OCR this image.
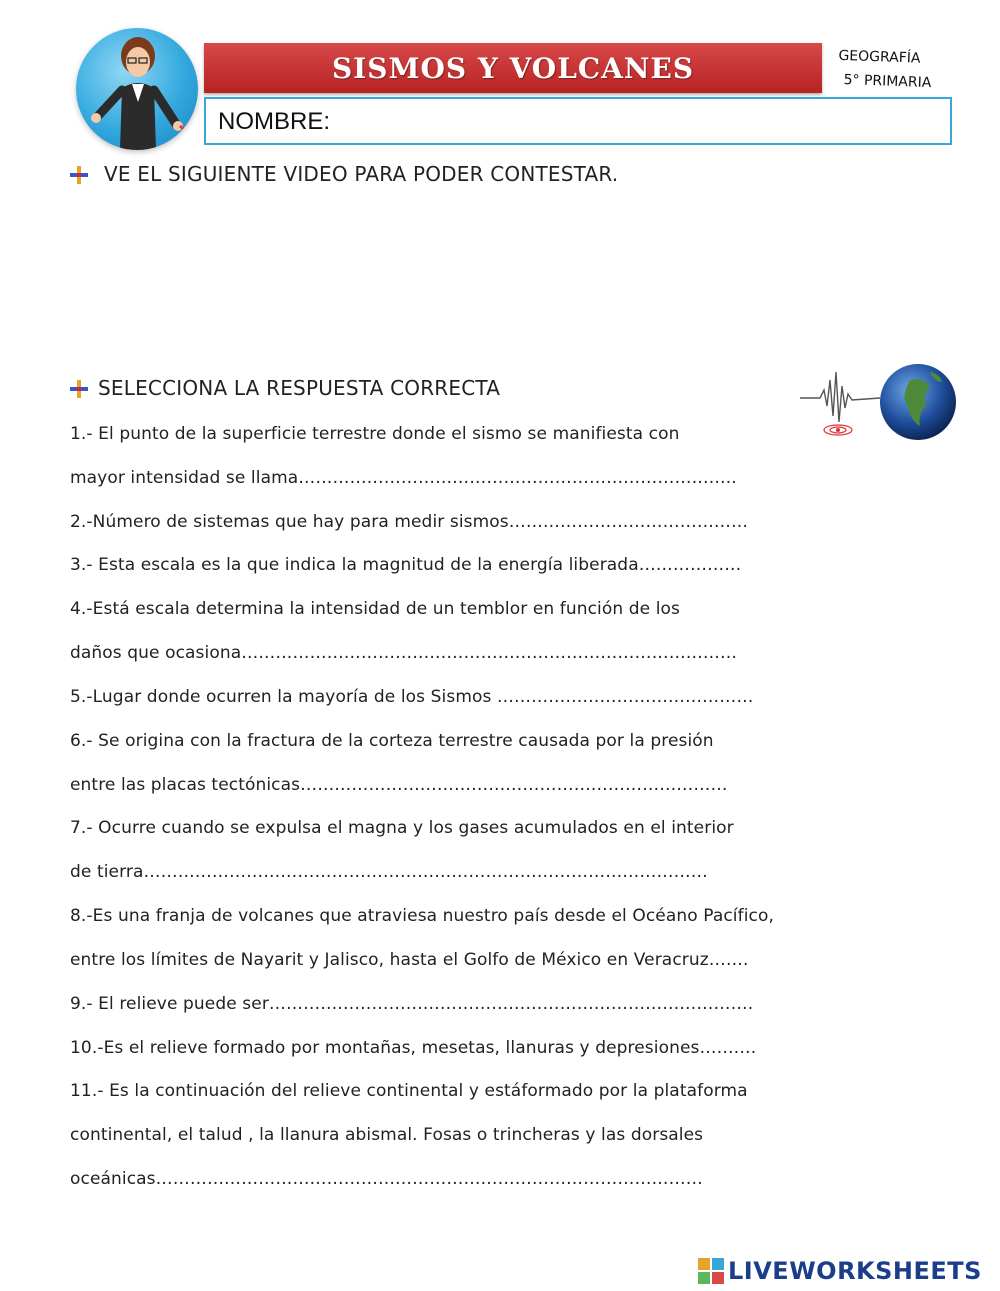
SISMOS Y VOLCANES	GEOGRAFÍA
5° PRIMARIA
NOMBRE:
VE EL SIGUIENTE VIDEO PARA PODER CONTESTAR.
SELECCIONA LA RESPUESTA CORRECTA
1.- El punto de la superficie terrestre donde el sismo se manifiesta con
mayor intensidad se llama…………………………………………………………………..
2.-Número de sistemas que hay para medir sismos……………………………………
3.- Esta escala es la que indica la magnitud de la energía liberada………………
4.-Está escala determina la intensidad de un temblor en función de los
daños que ocasiona……………………………………………………………………………
5.-Lugar donde ocurren la mayoría de los Sismos ………………………………………
6.- Se origina con la fractura de la corteza terrestre causada por la presión
entre las placas tectónicas…………………………………………………………………
7.- Ocurre cuando se expulsa el magna y los gases acumulados en el interior
de tierra………………………………………………………………………………………
8.-Es una franja de volcanes que atraviesa nuestro país desde el Océano Pacífico,
entre los límites de Nayarit y Jalisco, hasta el Golfo de México en Veracruz…….
9.- El relieve puede ser………………………………………………………………………….
10.-Es el relieve formado por montañas, mesetas, llanuras y depresiones……….
11.- Es la continuación del relieve continental y estáformado por la plataforma
continental, el talud , la llanura abismal. Fosas o trincheras y las dorsales
oceánicas……………………………………………………………………………………
LIVEWORKSHEETS
